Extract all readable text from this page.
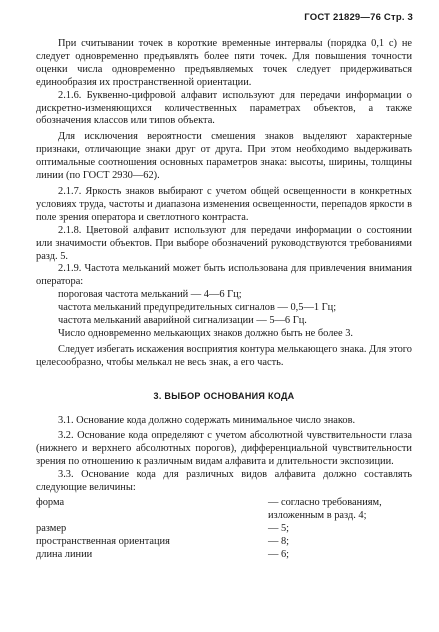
ГОСТ 21829—76 Стр. 3

При считывании точек в короткие временные интервалы (порядка 0,1 с) не следует одновременно предъявлять более пяти точек. Для повышения точности оценки числа одновременно предъявляемых точек следует придерживаться единообразия их пространственной ориентации.

2.1.6. Буквенно-цифровой алфавит используют для передачи информации о дискретно-изменяющихся количественных параметрах объектов, а также обозначения классов или типов объекта.

Для исключения вероятности смешения знаков выделяют характерные признаки, отличающие знаки друг от друга. При этом необходимо выдерживать оптимальные соотношения основных параметров знака: высоты, ширины, толщины линии (по ГОСТ 2930—62).

2.1.7. Яркость знаков выбирают с учетом общей освещенности в конкретных условиях труда, частоты и диапазона изменения освещенности, перепадов яркости в поле зрения оператора и светлотного контраста.

2.1.8. Цветовой алфавит используют для передачи информации о состоянии или значимости объектов. При выборе обозначений руководствуются требованиями разд. 5.

2.1.9. Частота мельканий может быть использована для привлечения внимания оператора:

пороговая частота мельканий — 4—6 Гц;

частота мельканий предупредительных сигналов — 0,5—1 Гц;

частота мельканий аварийной сигнализации — 5—6 Гц.

Число одновременно мелькающих знаков должно быть не более 3.

Следует избегать искажения восприятия контура мелькающего знака. Для этого целесообразно, чтобы мелькал не весь знак, а его часть.

3. ВЫБОР ОСНОВАНИЯ КОДА

3.1. Основание кода должно содержать минимальное число знаков.

3.2. Основание кода определяют с учетом абсолютной чувствительности глаза (нижнего и верхнего абсолютных порогов), дифференциальной чувствительности зрения по отношению к различным видам алфавита и длительности экспозиции.

3.3. Основание кода для различных видов алфавита должно составлять следующие величины:

форма	— согласно требованиям, изложенным в разд. 4;
размер	— 5;
пространственная ориентация	— 8;
длина линии	— 6;
